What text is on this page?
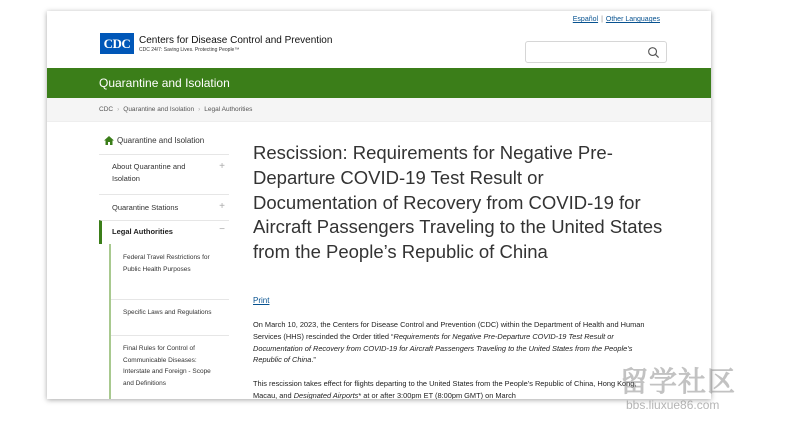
Español | Other Languages
CDC Centers for Disease Control and Prevention
CDC 24/7: Saving Lives. Protecting People™
Quarantine and Isolation
CDC › Quarantine and Isolation › Legal Authorities
Quarantine and Isolation
About Quarantine and Isolation
+
Quarantine Stations	+
Legal Authorities	−
Federal Travel Restrictions for Public Health Purposes
Specific Laws and Regulations
Final Rules for Control of Communicable Diseases: Interstate and Foreign - Scope and Definitions
Rescission: Requirements for Negative Pre-Departure COVID-19 Test Result or Documentation of Recovery from COVID-19 for Aircraft Passengers Traveling to the United States from the People’s Republic of China
Print

On March 10, 2023, the Centers for Disease Control and Prevention (CDC) within the Department of Health and Human Services (HHS) rescinded the Order titled “Requirements for Negative Pre-Departure COVID-19 Test Result or Documentation of Recovery from COVID-19 for Aircraft Passengers Traveling to the United States from the People’s Republic of China.”

This rescission takes effect for flights departing to the United States from the People’s Republic of China, Hong Kong, Macau, and Designated Airports* at or after 3:00pm ET (8:00pm GMT) on March	留学社区
bbs.liuxue86.com
